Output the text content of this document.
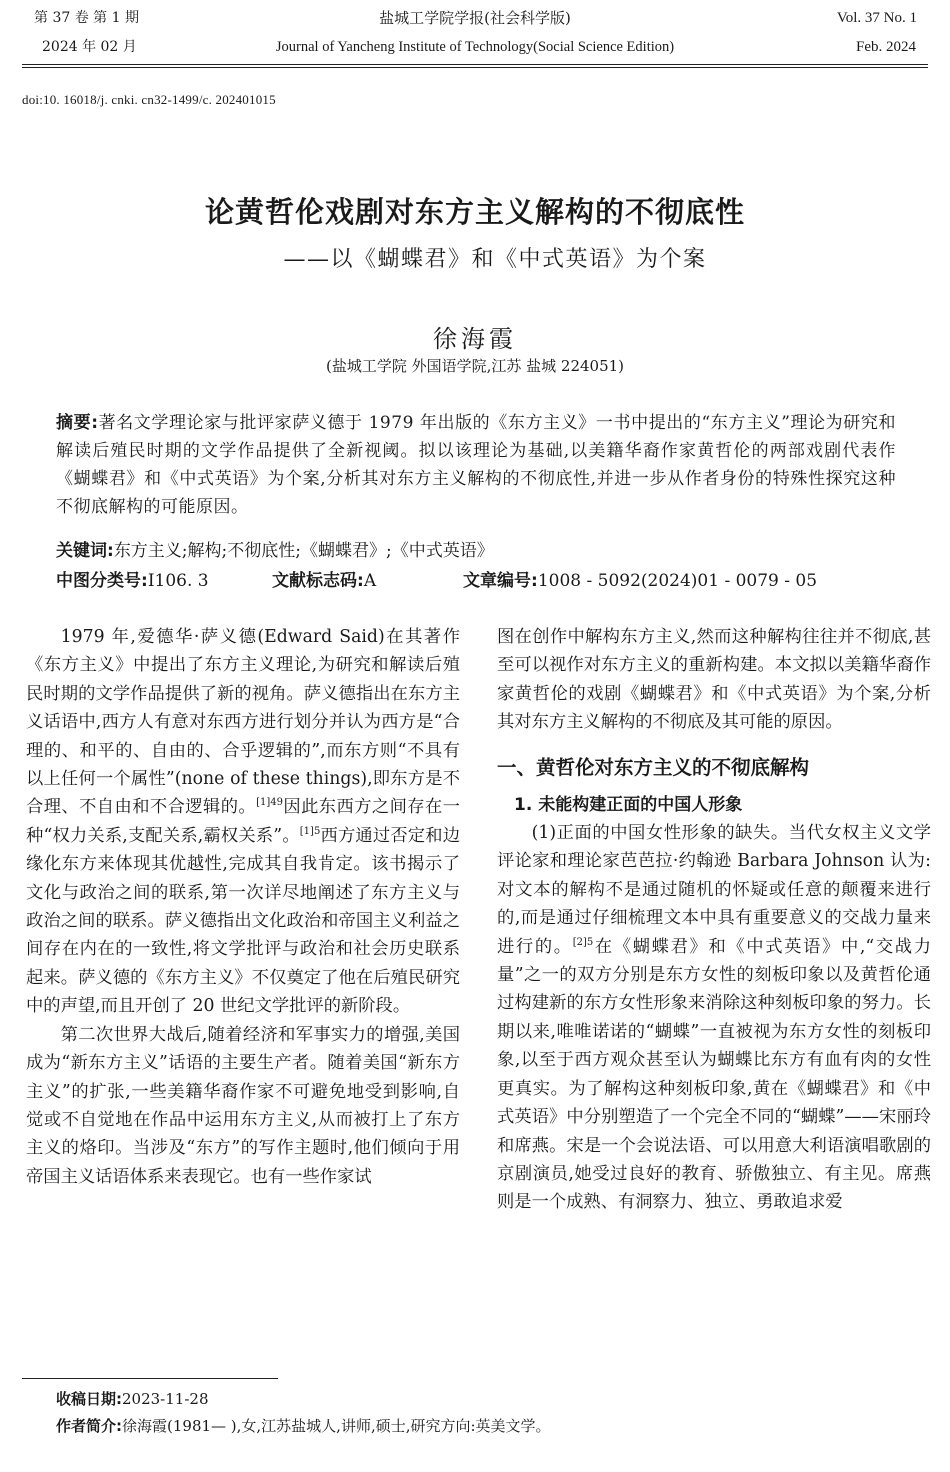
第 37 卷 第 1 期
2024 年 02 月
盐城工学院学报(社会科学版)
Journal of Yancheng Institute of Technology(Social Science Edition)
Vol. 37 No. 1
Feb. 2024
doi:10. 16018/j. cnki. cn32-1499/c. 202401015
论黄哲伦戏剧对东方主义解构的不彻底性
——以《蝴蝶君》和《中式英语》为个案
徐海霞
(盐城工学院 外国语学院,江苏 盐城 224051)
摘要:著名文学理论家与批评家萨义德于 1979 年出版的《东方主义》一书中提出的“东方主义”理论为研究和解读后殖民时期的文学作品提供了全新视阈。拟以该理论为基础,以美籍华裔作家黄哲伦的两部戏剧代表作《蝴蝶君》和《中式英语》为个案,分析其对东方主义解构的不彻底性,并进一步从作者身份的特殊性探究这种不彻底解构的可能原因。
关键词:东方主义;解构;不彻底性;《蝴蝶君》;《中式英语》
中图分类号:I106. 3	文献标志码:A	文章编号:1008 - 5092(2024)01 - 0079 - 05

1979 年,爱德华·萨义德(Edward Said)在其著作《东方主义》中提出了东方主义理论,为研究和解读后殖民时期的文学作品提供了新的视角。萨义德指出在东方主义话语中,西方人有意对东西方进行划分并认为西方是“合理的、和平的、自由的、合乎逻辑的”,而东方则“不具有以上任何一个属性”(none of these things),即东方是不合理、不自由和不合逻辑的。$^{[1]49}$因此东西方之间存在一种“权力关系,支配关系,霸权关系”。$^{[1]5}$西方通过否定和边缘化东方来体现其优越性,完成其自我肯定。该书揭示了文化与政治之间的联系,第一次详尽地阐述了东方主义与政治之间的联系。萨义德指出文化政治和帝国主义利益之间存在内在的一致性,将文学批评与政治和社会历史联系起来。萨义德的《东方主义》不仅奠定了他在后殖民研究中的声望,而且开创了 20 世纪文学批评的新阶段。

第二次世界大战后,随着经济和军事实力的增强,美国成为“新东方主义”话语的主要生产者。随着美国“新东方主义”的扩张,一些美籍华裔作家不可避免地受到影响,自觉或不自觉地在作品中运用东方主义,从而被打上了东方主义的烙印。当涉及“东方”的写作主题时,他们倾向于用帝国主义话语体系来表现它。也有一些作家试

图在创作中解构东方主义,然而这种解构往往并不彻底,甚至可以视作对东方主义的重新构建。本文拟以美籍华裔作家黄哲伦的戏剧《蝴蝶君》和《中式英语》为个案,分析其对东方主义解构的不彻底及其可能的原因。

一、黄哲伦对东方主义的不彻底解构
1. 未能构建正面的中国人形象

(1)正面的中国女性形象的缺失。当代女权主义文学评论家和理论家芭芭拉·约翰逊 Barbara Johnson 认为:对文本的解构不是通过随机的怀疑或任意的颠覆来进行的,而是通过仔细梳理文本中具有重要意义的交战力量来进行的。$^{[2]5}$在《蝴蝶君》和《中式英语》中,“交战力量”之一的双方分别是东方女性的刻板印象以及黄哲伦通过构建新的东方女性形象来消除这种刻板印象的努力。长期以来,唯唯诺诺的“蝴蝶”一直被视为东方女性的刻板印象,以至于西方观众甚至认为蝴蝶比东方有血有肉的女性更真实。为了解构这种刻板印象,黄在《蝴蝶君》和《中式英语》中分别塑造了一个完全不同的“蝴蝶”——宋丽玲和席燕。宋是一个会说法语、可以用意大利语演唱歌剧的京剧演员,她受过良好的教育、骄傲独立、有主见。席燕则是一个成熟、有洞察力、独立、勇敢追求爱

收稿日期:2023-11-28
作者简介:徐海霞(1981— ),女,江苏盐城人,讲师,硕士,研究方向:英美文学。
